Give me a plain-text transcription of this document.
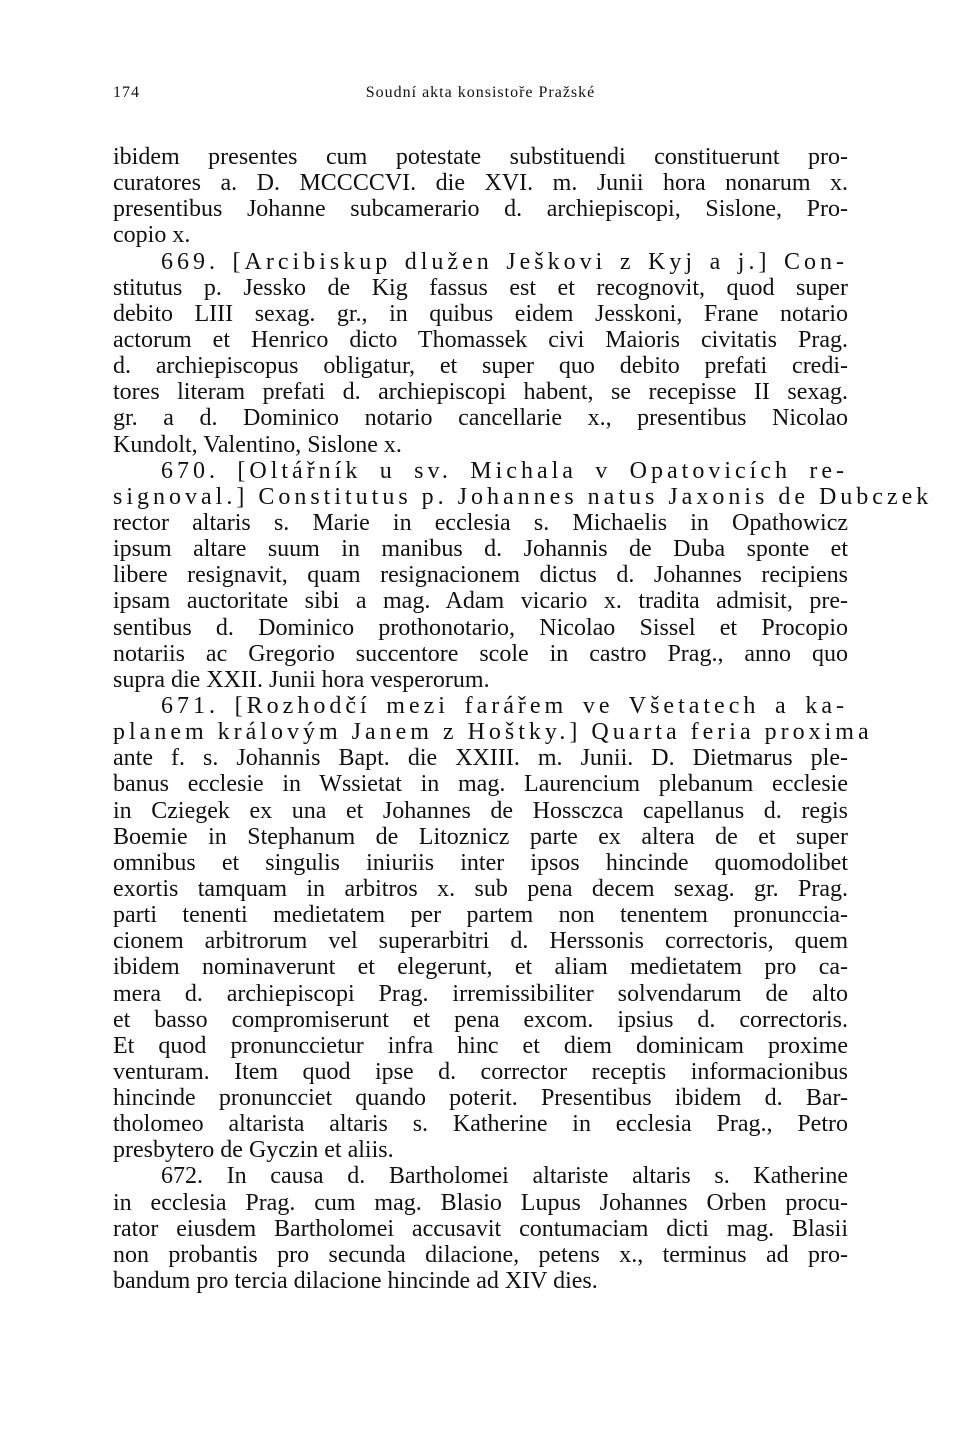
174	Soudní akta konsistoře Pražské
ibidem presentes cum potestate substituendi constituerunt pro-
curatores a. D. MCCCCVI. die XVI. m. Junii hora nonarum x.
presentibus Johanne subcamerario d. archiepiscopi, Sislone, Pro-
copio x.
669. [Arcibiskup dlužen Ješkovi z Kyj a j.] Con-
stitutus p. Jessko de Kig fassus est et recognovit, quod super
debito LIII sexag. gr., in quibus eidem Jesskoni, Frane notario
actorum et Henrico dicto Thomassek civi Maioris civitatis Prag.
d. archiepiscopus obligatur, et super quo debito prefati credi-
tores literam prefati d. archiepiscopi habent, se recepisse II sexag.
gr. a d. Dominico notario cancellarie x., presentibus Nicolao
Kundolt, Valentino, Sislone x.
670. [Oltářník u sv. Michala v Opatovicích re-
signoval.] Constitutus p. Johannes natus Jaxonis de Dubczek
rector altaris s. Marie in ecclesia s. Michaelis in Opathowicz
ipsum altare suum in manibus d. Johannis de Duba sponte et
libere resignavit, quam resignacionem dictus d. Johannes recipiens
ipsam auctoritate sibi a mag. Adam vicario x. tradita admisit, pre-
sentibus d. Dominico prothonotario, Nicolao Sissel et Procopio
notariis ac Gregorio succentore scole in castro Prag., anno quo
supra die XXII. Junii hora vesperorum.
671. [Rozhodčí mezi farářem ve Všetatech a ka-
planem královým Janem z Hoštky.] Quarta feria proxima
ante f. s. Johannis Bapt. die XXIII. m. Junii. D. Dietmarus ple-
banus ecclesie in Wssietat in mag. Laurencium plebanum ecclesie
in Cziegek ex una et Johannes de Hossczca capellanus d. regis
Boemie in Stephanum de Litoznicz parte ex altera de et super
omnibus et singulis iniuriis inter ipsos hincinde quomodolibet
exortis tamquam in arbitros x. sub pena decem sexag. gr. Prag.
parti tenenti medietatem per partem non tenentem pronunccia-
cionem arbitrorum vel superarbitri d. Herssonis correctoris, quem
ibidem nominaverunt et elegerunt, et aliam medietatem pro ca-
mera d. archiepiscopi Prag. irremissibiliter solvendarum de alto
et basso compromiserunt et pena excom. ipsius d. correctoris.
Et quod pronunccietur infra hinc et diem dominicam proxime
venturam. Item quod ipse d. corrector receptis informacionibus
hincinde pronuncciet quando poterit. Presentibus ibidem d. Bar-
tholomeo altarista altaris s. Katherine in ecclesia Prag., Petro
presbytero de Gyczin et aliis.
672. In causa d. Bartholomei altariste altaris s. Katherine
in ecclesia Prag. cum mag. Blasio Lupus Johannes Orben procu-
rator eiusdem Bartholomei accusavit contumaciam dicti mag. Blasii
non probantis pro secunda dilacione, petens x., terminus ad pro-
bandum pro tercia dilacione hincinde ad XIV dies.
